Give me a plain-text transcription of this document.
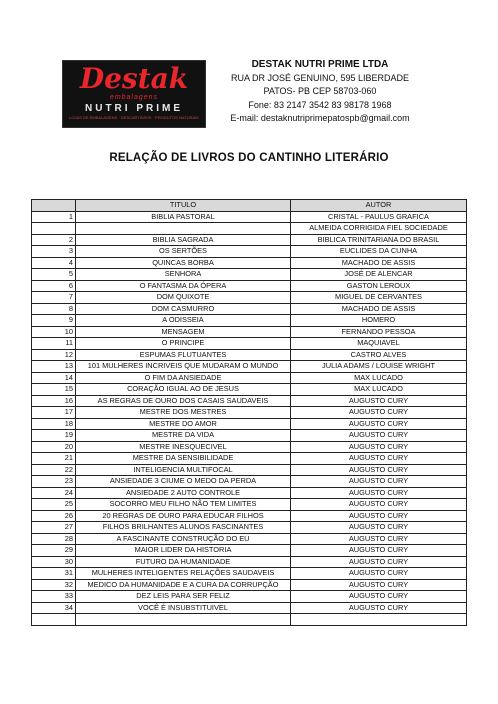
Destak
embalagens
NUTRI PRIME
LOJAS DE EMBALAGENS · DESCARTÁVEIS · PRODUTOS NATURAIS
DESTAK NUTRI PRIME LTDA
RUA DR JOSÉ GENUINO, 595 LIBERDADE
PATOS- PB CEP 58703-060
Fone: 83 2147 3542 83 98178 1968
E-mail: destaknutriprimepatospb@gmail.com
RELAÇÃO DE LIVROS DO CANTINHO LITERÁRIO
	TITULO	AUTOR
1	BIBLIA PASTORAL	CRISTAL - PAULUS GRAFICA
		ALMEIDA CORRIGIDA FIEL SOCIEDADE
2	BIBLIA SAGRADA	BIBLICA TRINITARIANA DO BRASIL
3	OS SERTÕES	EUCLIDES DA CUNHA
4	QUINCAS BORBA	MACHADO DE ASSIS
5	SENHORA	JOSÉ DE ALENCAR
6	O FANTASMA DA ÓPERA	GASTON LEROUX
7	DOM QUIXOTE	MIGUEL DE CERVANTES
8	DOM CASMURRO	MACHADO DE ASSIS
9	A ODISSEIA	HOMERO
10	MENSAGEM	FERNANDO PESSOA
11	O PRINCIPE	MAQUIAVEL
12	ESPUMAS FLUTUANTES	CASTRO ALVES
13	101 MULHERES INCRIVEIS QUE MUDARAM O MUNDO	JULIA ADAMS / LOUISE WRIGHT
14	O FIM DA ANSIEDADE	MAX LUCADO
15	CORAÇÃO IGUAL AO DE JESUS	MAX LUCADO
16	AS REGRAS DE OURO DOS CASAIS SAUDAVEIS	AUGUSTO CURY
17	MESTRE DOS MESTRES	AUGUSTO CURY
18	MESTRE DO AMOR	AUGUSTO CURY
19	MESTRE DA VIDA	AUGUSTO CURY
20	MESTRE INESQUECIVEL	AUGUSTO CURY
21	MESTRE DA SENSIBILIDADE	AUGUSTO CURY
22	INTELIGENCIA MULTIFOCAL	AUGUSTO CURY
23	ANSIEDADE 3 CIUME O MEDO DA PERDA	AUGUSTO CURY
24	ANSIEDADE 2 AUTO CONTROLE	AUGUSTO CURY
25	SOCORRO MEU FILHO NÃO TEM LIMITES	AUGUSTO CURY
26	20 REGRAS DE OURO PARA EDUCAR FILHOS	AUGUSTO CURY
27	FILHOS BRILHANTES ALUNOS FASCINANTES	AUGUSTO CURY
28	A FASCINANTE CONSTRUÇÃO DO EU	AUGUSTO CURY
29	MAIOR LIDER DA HISTORIA	AUGUSTO CURY
30	FUTURO DA HUMANIDADE	AUGUSTO CURY
31	MULHERES INTELIGENTES RELAÇÕES SAUDAVEIS	AUGUSTO CURY
32	MEDICO DA HUMANIDADE E A CURA DA CORRUPÇÃO	AUGUSTO CURY
33	DEZ LEIS PARA SER FELIZ	AUGUSTO CURY
34	VOCÊ É INSUBSTITUIVEL	AUGUSTO CURY
